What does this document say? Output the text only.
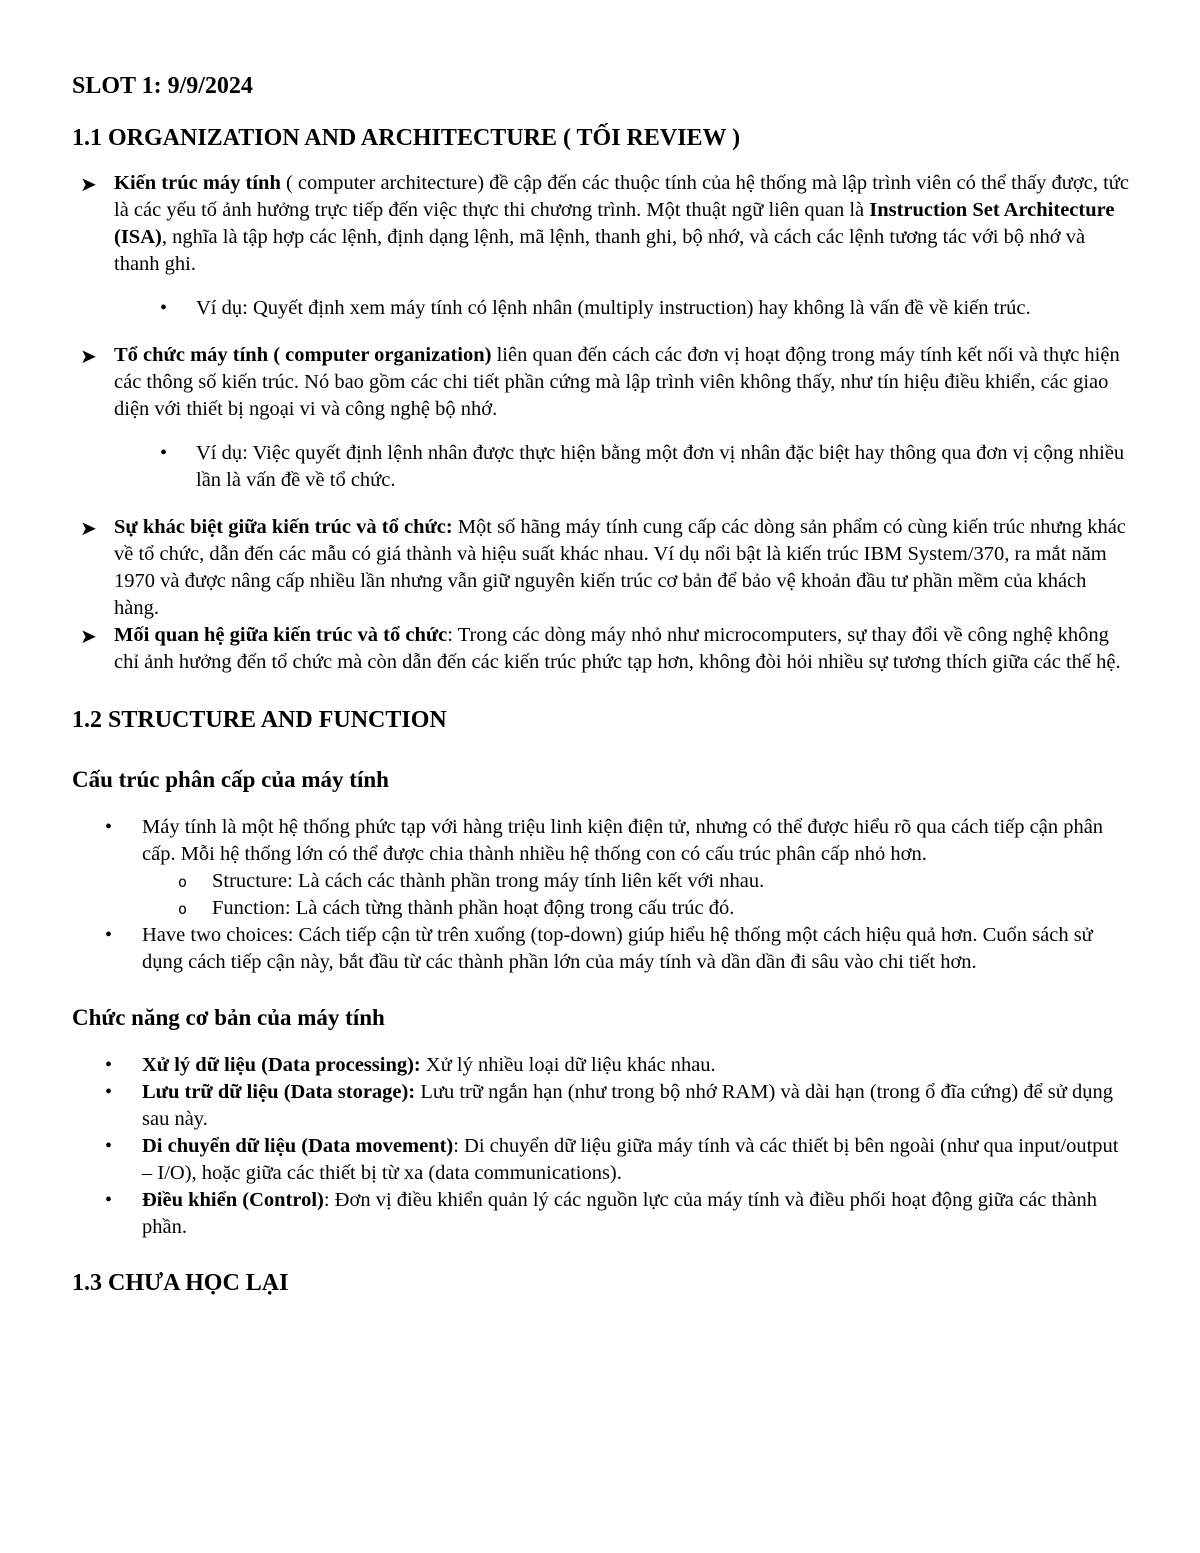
SLOT 1: 9/9/2024
1.1 ORGANIZATION AND ARCHITECTURE ( TỐI REVIEW )
➤ Kiến trúc máy tính ( computer architecture) đề cập đến các thuộc tính của hệ thống mà lập trình viên có thể thấy được, tức là các yếu tố ảnh hưởng trực tiếp đến việc thực thi chương trình. Một thuật ngữ liên quan là Instruction Set Architecture (ISA), nghĩa là tập hợp các lệnh, định dạng lệnh, mã lệnh, thanh ghi, bộ nhớ, và cách các lệnh tương tác với bộ nhớ và thanh ghi.
• Ví dụ: Quyết định xem máy tính có lệnh nhân (multiply instruction) hay không là vấn đề về kiến trúc.
➤ Tổ chức máy tính ( computer organization) liên quan đến cách các đơn vị hoạt động trong máy tính kết nối và thực hiện các thông số kiến trúc. Nó bao gồm các chi tiết phần cứng mà lập trình viên không thấy, như tín hiệu điều khiển, các giao diện với thiết bị ngoại vi và công nghệ bộ nhớ.
• Ví dụ: Việc quyết định lệnh nhân được thực hiện bằng một đơn vị nhân đặc biệt hay thông qua đơn vị cộng nhiều lần là vấn đề về tổ chức.
➤ Sự khác biệt giữa kiến trúc và tổ chức: Một số hãng máy tính cung cấp các dòng sản phẩm có cùng kiến trúc nhưng khác về tổ chức, dẫn đến các mẫu có giá thành và hiệu suất khác nhau. Ví dụ nổi bật là kiến trúc IBM System/370, ra mắt năm 1970 và được nâng cấp nhiều lần nhưng vẫn giữ nguyên kiến trúc cơ bản để bảo vệ khoản đầu tư phần mềm của khách hàng.
➤ Mối quan hệ giữa kiến trúc và tổ chức: Trong các dòng máy nhỏ như microcomputers, sự thay đổi về công nghệ không chỉ ảnh hưởng đến tổ chức mà còn dẫn đến các kiến trúc phức tạp hơn, không đòi hỏi nhiều sự tương thích giữa các thế hệ.
1.2 STRUCTURE AND FUNCTION
Cấu trúc phân cấp của máy tính
• Máy tính là một hệ thống phức tạp với hàng triệu linh kiện điện tử, nhưng có thể được hiểu rõ qua cách tiếp cận phân cấp. Mỗi hệ thống lớn có thể được chia thành nhiều hệ thống con có cấu trúc phân cấp nhỏ hơn.
o Structure: Là cách các thành phần trong máy tính liên kết với nhau.
o Function: Là cách từng thành phần hoạt động trong cấu trúc đó.
• Have two choices: Cách tiếp cận từ trên xuống (top-down) giúp hiểu hệ thống một cách hiệu quả hơn. Cuốn sách sử dụng cách tiếp cận này, bắt đầu từ các thành phần lớn của máy tính và dần dần đi sâu vào chi tiết hơn.
Chức năng cơ bản của máy tính
• Xử lý dữ liệu (Data processing): Xử lý nhiều loại dữ liệu khác nhau.
• Lưu trữ dữ liệu (Data storage): Lưu trữ ngắn hạn (như trong bộ nhớ RAM) và dài hạn (trong ổ đĩa cứng) để sử dụng sau này.
• Di chuyển dữ liệu (Data movement): Di chuyển dữ liệu giữa máy tính và các thiết bị bên ngoài (như qua input/output – I/O), hoặc giữa các thiết bị từ xa (data communications).
• Điều khiển (Control): Đơn vị điều khiển quản lý các nguồn lực của máy tính và điều phối hoạt động giữa các thành phần.
1.3 CHƯA HỌC LẠI
